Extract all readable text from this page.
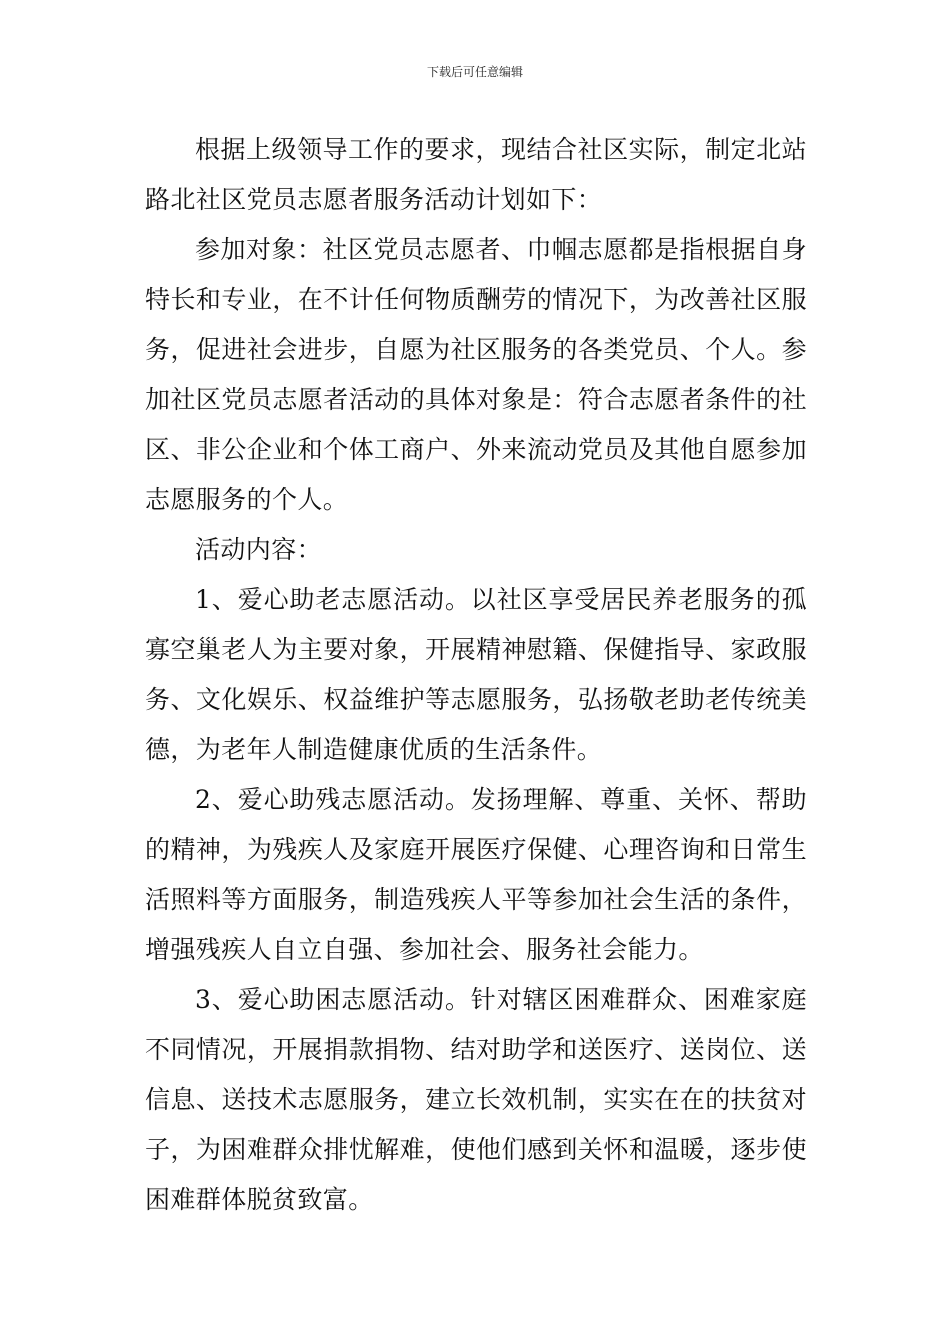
下载后可任意编辑

根据上级领导工作的要求，现结合社区实际，制定北站路北社区党员志愿者服务活动计划如下：

参加对象：社区党员志愿者、巾帼志愿都是指根据自身特长和专业，在不计任何物质酬劳的情况下，为改善社区服务，促进社会进步，自愿为社区服务的各类党员、个人。参加社区党员志愿者活动的具体对象是：符合志愿者条件的社区、非公企业和个体工商户、外来流动党员及其他自愿参加志愿服务的个人。

活动内容：

1、爱心助老志愿活动。以社区享受居民养老服务的孤寡空巢老人为主要对象，开展精神慰籍、保健指导、家政服务、文化娱乐、权益维护等志愿服务，弘扬敬老助老传统美德，为老年人制造健康优质的生活条件。

2、爱心助残志愿活动。发扬理解、尊重、关怀、帮助的精神，为残疾人及家庭开展医疗保健、心理咨询和日常生活照料等方面服务，制造残疾人平等参加社会生活的条件，增强残疾人自立自强、参加社会、服务社会能力。

3、爱心助困志愿活动。针对辖区困难群众、困难家庭不同情况，开展捐款捐物、结对助学和送医疗、送岗位、送信息、送技术志愿服务，建立长效机制，实实在在的扶贫对子，为困难群众排忧解难，使他们感到关怀和温暖，逐步使困难群体脱贫致富。
